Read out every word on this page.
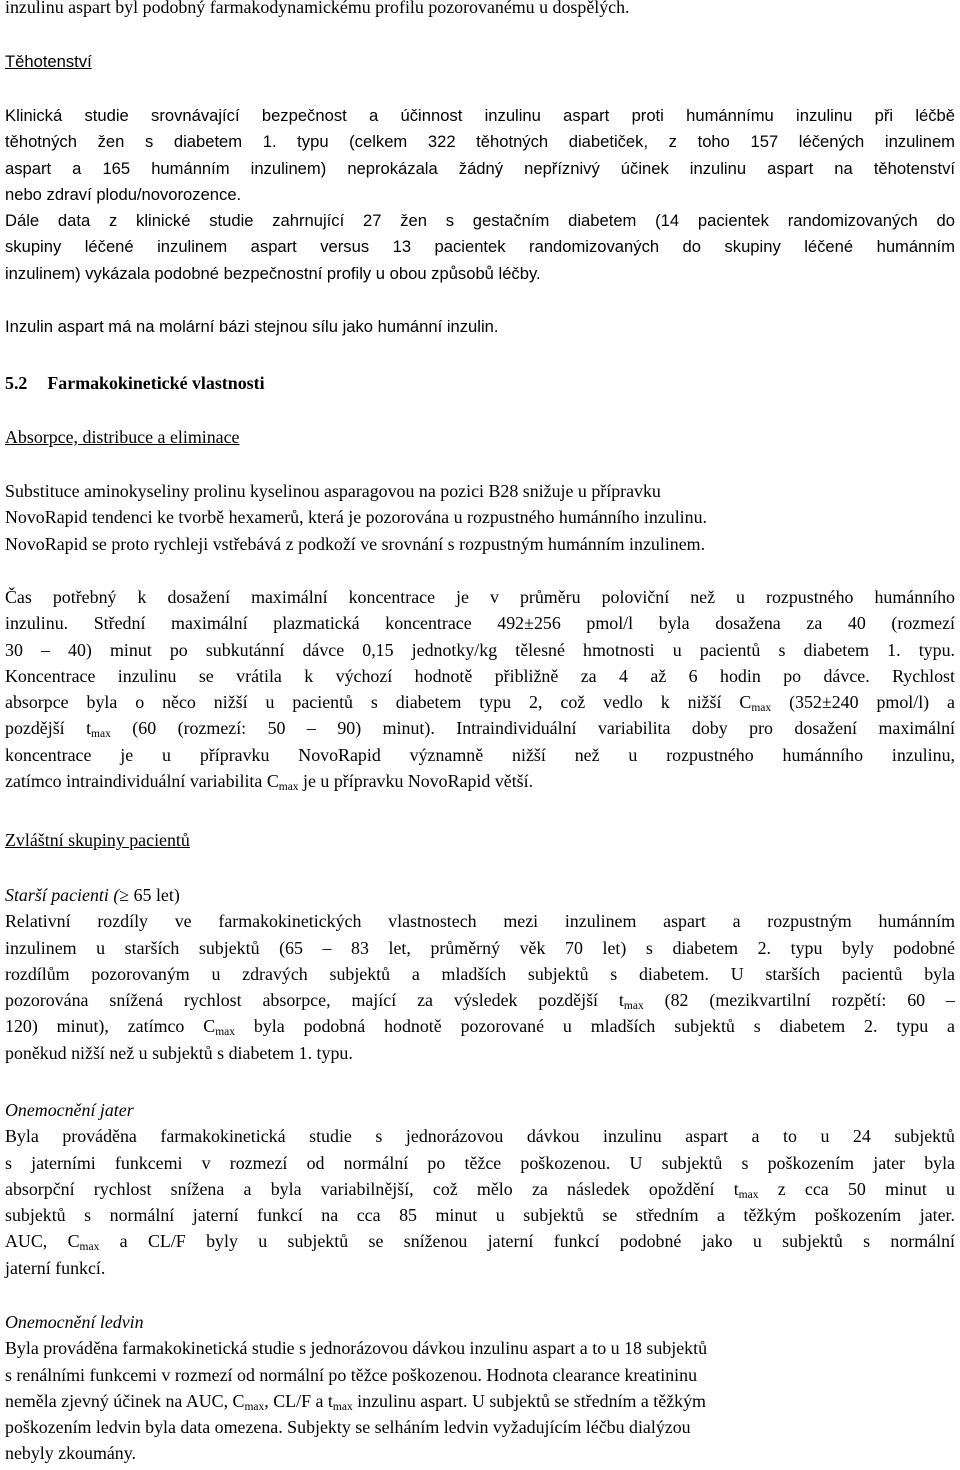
inzulinu aspart byl podobný farmakodynamickému profilu pozorovanému u dospělých.

Těhotenství

Klinická studie srovnávající bezpečnost a účinnost inzulinu aspart proti humánnímu inzulinu při léčbě
těhotných žen s diabetem 1. typu (celkem 322 těhotných diabetiček, z toho 157 léčených inzulinem
aspart a 165 humánním inzulinem) neprokázala žádný nepříznivý účinek inzulinu aspart na těhotenství
nebo zdraví plodu/novorozence.
Dále data z klinické studie zahrnující 27 žen s gestačním diabetem (14 pacientek randomizovaných do
skupiny léčené inzulinem aspart versus 13 pacientek randomizovaných do skupiny léčené humánním
inzulinem) vykázala podobné bezpečnostní profily u obou způsobů léčby.

Inzulin aspart má na molární bázi stejnou sílu jako humánní inzulin.

5.2 Farmakokinetické vlastnosti

Absorpce, distribuce a eliminace

Substituce aminokyseliny prolinu kyselinou asparagovou na pozici B28 snižuje u přípravku
NovoRapid tendenci ke tvorbě hexamerů, která je pozorována u rozpustného humánního inzulinu.
NovoRapid se proto rychleji vstřebává z podkoží ve srovnání s rozpustným humánním inzulinem.
Čas potřebný k dosažení maximální koncentrace je v průměru poloviční než u rozpustného humánního
inzulinu. Střední maximální plazmatická koncentrace 492±256 pmol/l byla dosažena za 40 (rozmezí
30 – 40) minut po subkutánní dávce 0,15 jednotky/kg tělesné hmotnosti u pacientů s diabetem 1. typu.
Koncentrace inzulinu se vrátila k výchozí hodnotě přibližně za 4 až 6 hodin po dávce. Rychlost
absorpce byla o něco nižší u pacientů s diabetem typu 2, což vedlo k nižší $C_{max}$ (352±240 pmol/l) a
pozdější $t_{max}$ (60 (rozmezí: 50 – 90) minut). Intraindividuální variabilita doby pro dosažení maximální
koncentrace je u přípravku NovoRapid významně nižší než u rozpustného humánního inzulinu,
zatímco intraindividuální variabilita $C_{max}$ je u přípravku NovoRapid větší.

Zvláštní skupiny pacientů

Starší pacienti (≥ 65 let)
Relativní rozdíly ve farmakokinetických vlastnostech mezi inzulinem aspart a rozpustným humánním
inzulinem u starších subjektů (65 – 83 let, průměrný věk 70 let) s diabetem 2. typu byly podobné
rozdílům pozorovaným u zdravých subjektů a mladších subjektů s diabetem. U starších pacientů byla
pozorována snížená rychlost absorpce, mající za výsledek pozdější $t_{max}$ (82 (mezikvartilní rozpětí: 60 –
120) minut), zatímco $C_{max}$ byla podobná hodnotě pozorované u mladších subjektů s diabetem 2. typu a
poněkud nižší než u subjektů s diabetem 1. typu.
Onemocnění jater
Byla prováděna farmakokinetická studie s jednorázovou dávkou inzulinu aspart a to u 24 subjektů
s jaterními funkcemi v rozmezí od normální po těžce poškozenou. U subjektů s poškozením jater byla
absorpční rychlost snížena a byla variabilnější, což mělo za následek opoždění $t_{max}$ z cca 50 minut u
subjektů s normální jaterní funkcí na cca 85 minut u subjektů se středním a těžkým poškozením jater.
AUC, $C_{max}$ a CL/F byly u subjektů se sníženou jaterní funkcí podobné jako u subjektů s normální
jaterní funkcí.
Onemocnění ledvin
Byla prováděna farmakokinetická studie s jednorázovou dávkou inzulinu aspart a to u 18 subjektů
s renálními funkcemi v rozmezí od normální po těžce poškozenou. Hodnota clearance kreatininu
neměla zjevný účinek na AUC, $C_{max}$, CL/F a $t_{max}$ inzulinu aspart. U subjektů se středním a těžkým
poškozením ledvin byla data omezena. Subjekty se selháním ledvin vyžadujícím léčbu dialýzou
nebyly zkoumány.
